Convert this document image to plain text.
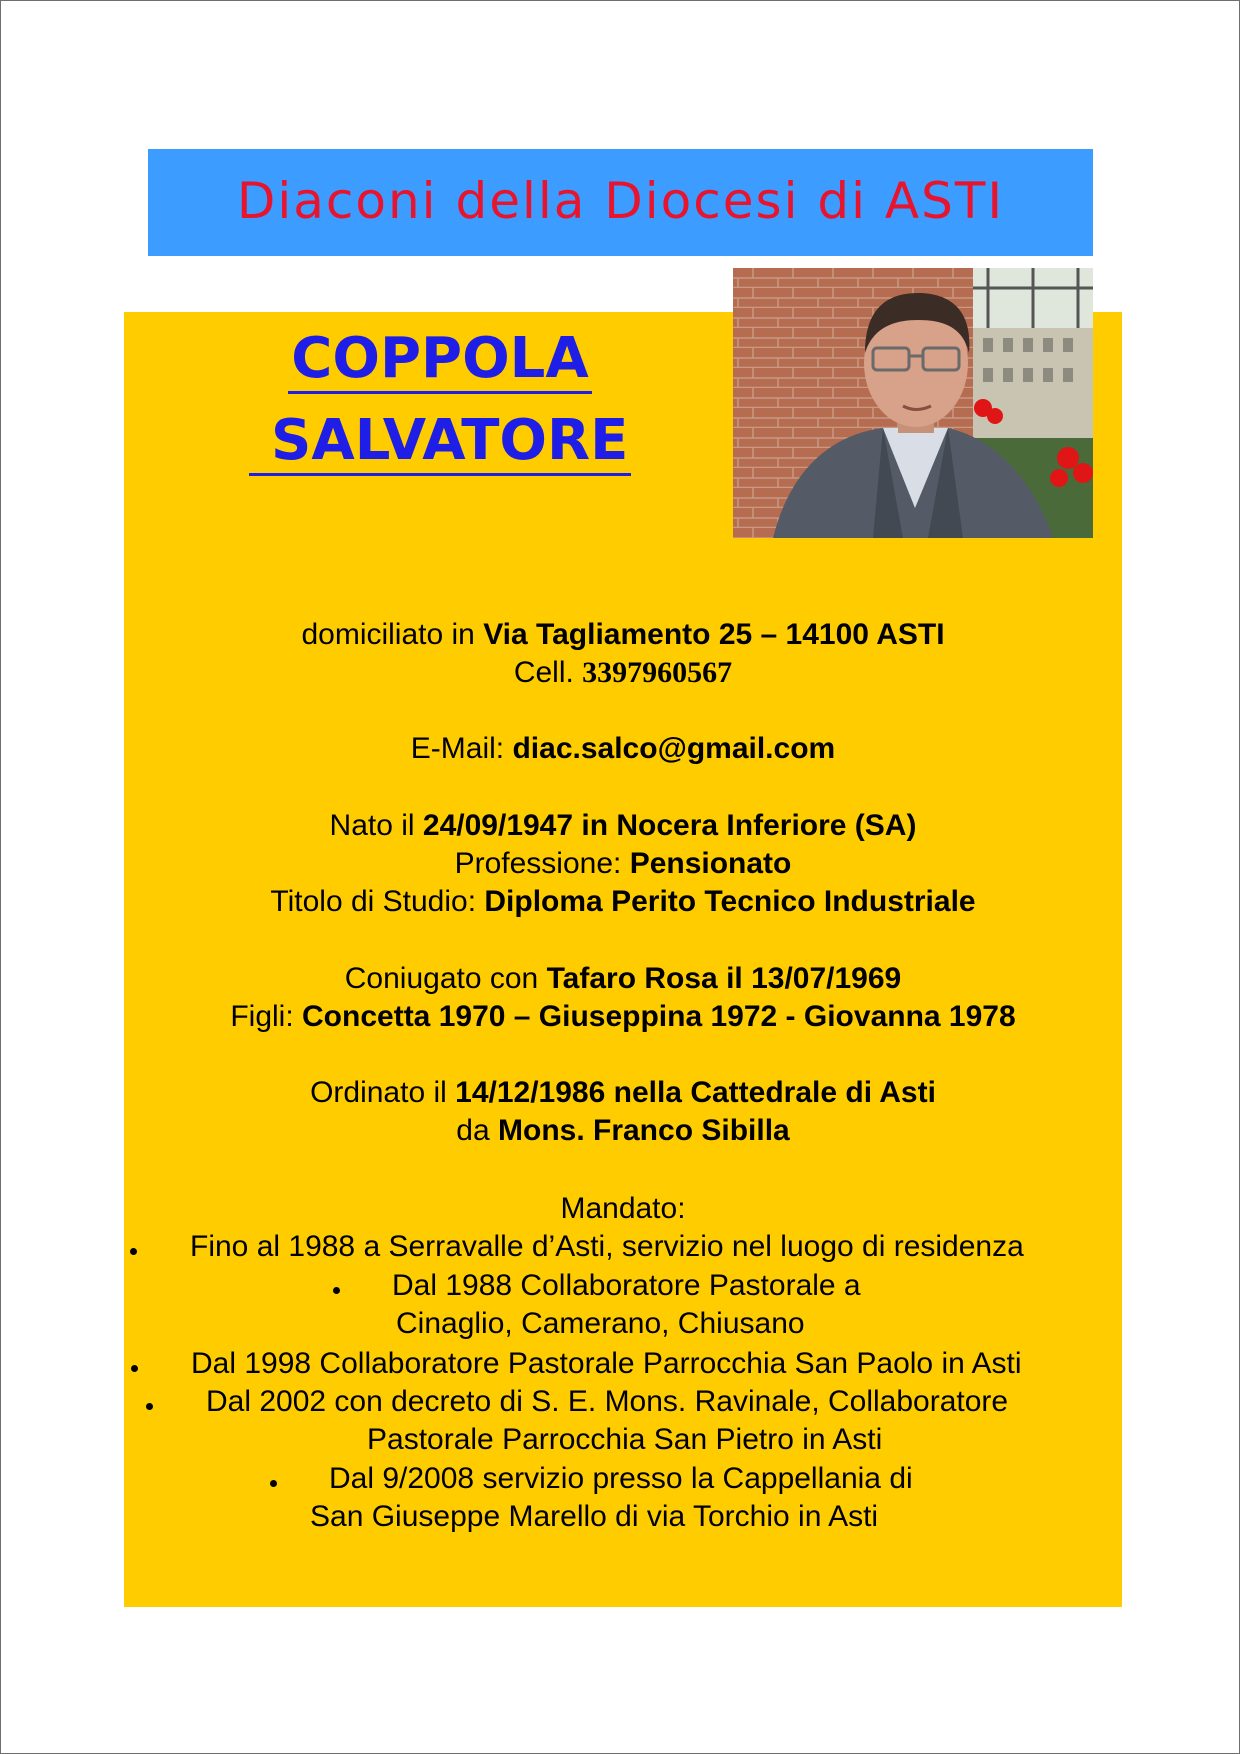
Diaconi della Diocesi di ASTI
COPPOLA
SALVATORE
domiciliato in Via Tagliamento 25 – 14100 ASTI
Cell. 3397960567
E-Mail: diac.salco@gmail.com
Nato il 24/09/1947 in Nocera Inferiore (SA)
Professione: Pensionato
Titolo di Studio: Diploma Perito Tecnico Industriale
Coniugato con Tafaro Rosa il 13/07/1969
Figli: Concetta 1970 – Giuseppina 1972 - Giovanna 1978
Ordinato il 14/12/1986 nella Cattedrale di Asti
da Mons. Franco Sibilla
Mandato:
Fino al 1988 a Serravalle d’Asti, servizio nel luogo di residenza
Dal 1988 Collaboratore Pastorale a
Cinaglio, Camerano, Chiusano
Dal 1998 Collaboratore Pastorale Parrocchia San Paolo in Asti
Dal 2002 con decreto di S. E. Mons. Ravinale, Collaboratore
Pastorale Parrocchia San Pietro in Asti
Dal 9/2008 servizio presso la Cappellania di
San Giuseppe Marello di via Torchio in Asti
